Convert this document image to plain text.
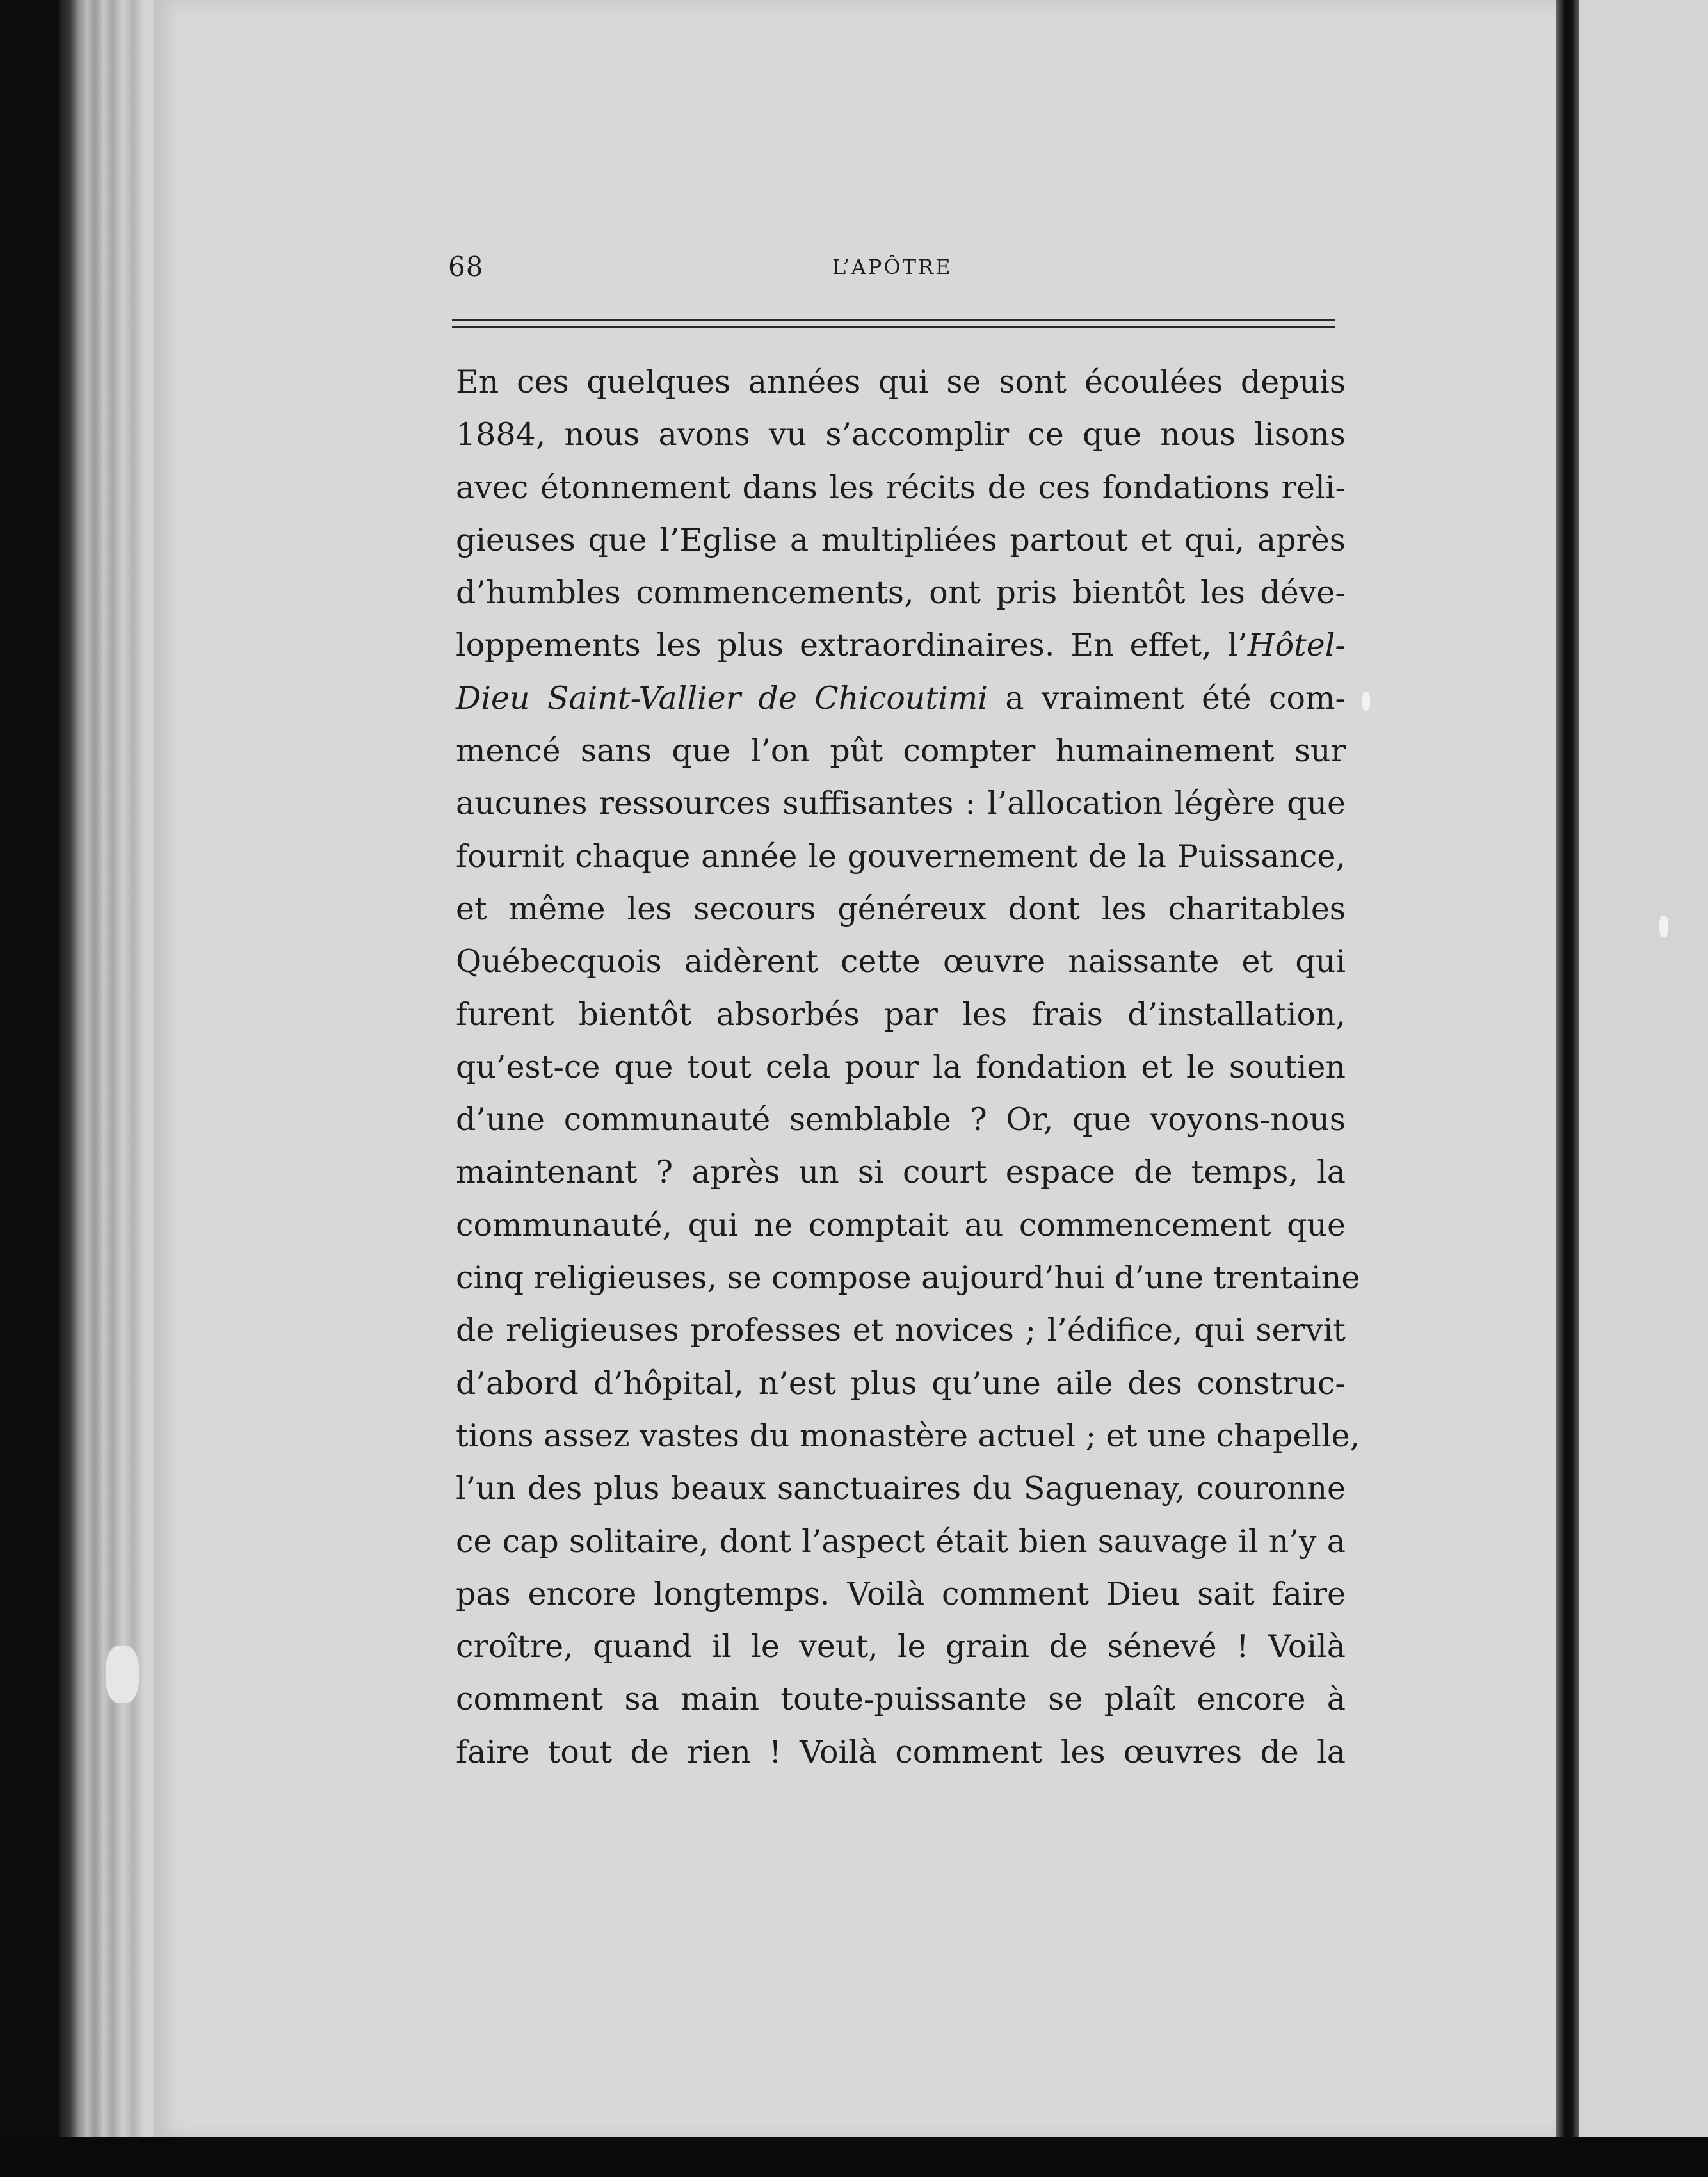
68	L’APÔTRE
En ces quelques années qui se sont écoulées depuis
1884, nous avons vu s’accomplir ce que nous lisons
avec étonnement dans les récits de ces fondations reli-
gieuses que l’Eglise a multipliées partout et qui, après
d’humbles commencements, ont pris bientôt les déve-
loppements les plus extraordinaires. En effet, l’Hôtel-
Dieu Saint-Vallier de Chicoutimi a vraiment été com-
mencé sans que l’on pût compter humainement sur
aucunes ressources suffisantes : l’allocation légère que
fournit chaque année le gouvernement de la Puissance,
et même les secours généreux dont les charitables
Québecquois aidèrent cette œuvre naissante et qui
furent bientôt absorbés par les frais d’installation,
qu’est-ce que tout cela pour la fondation et le soutien
d’une communauté semblable ? Or, que voyons-nous
maintenant ? après un si court espace de temps, la
communauté, qui ne comptait au commencement que
cinq religieuses, se compose aujourd’hui d’une trentaine
de religieuses professes et novices ; l’édifice, qui servit
d’abord d’hôpital, n’est plus qu’une aile des construc-
tions assez vastes du monastère actuel ; et une chapelle,
l’un des plus beaux sanctuaires du Saguenay, couronne
ce cap solitaire, dont l’aspect était bien sauvage il n’y a
pas encore longtemps. Voilà comment Dieu sait faire
croître, quand il le veut, le grain de sénevé ! Voilà
comment sa main toute-puissante se plaît encore à
faire tout de rien ! Voilà comment les œuvres de la
